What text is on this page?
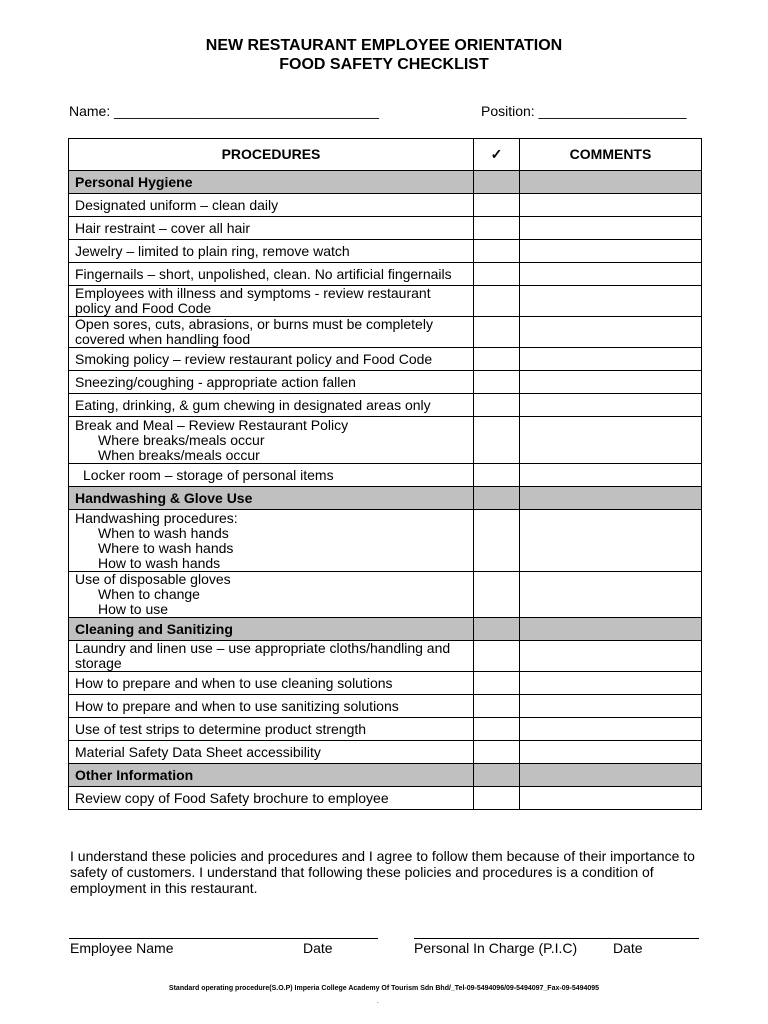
NEW RESTAURANT EMPLOYEE ORIENTATION
FOOD SAFETY CHECKLIST
Name: __________________________________	Position: ___________________
PROCEDURES	✓	COMMENTS
Personal Hygiene		

Designated uniform – clean daily		

Hair restraint – cover all hair		

Jewelry – limited to plain ring, remove watch		

Fingernails – short, unpolished, clean. No artificial fingernails		

Employees with illness and symptoms - review restaurant
policy and Food Code		

Open sores, cuts, abrasions, or burns must be completely
covered when handling food		

Smoking policy – review restaurant policy and Food Code		

Sneezing/coughing - appropriate action fallen		

Eating, drinking, & gum chewing in designated areas only		

Break and Meal – Review Restaurant Policy
Where breaks/meals occur
When breaks/meals occur		

Locker room – storage of personal items		

Handwashing & Glove Use		

Handwashing procedures:
When to wash hands
Where to wash hands
How to wash hands		

Use of disposable gloves
When to change
How to use		

Cleaning and Sanitizing		

Laundry and linen use – use appropriate cloths/handling and
storage		

How to prepare and when to use cleaning solutions		

How to prepare and when to use sanitizing solutions		

Use of test strips to determine product strength		

Material Safety Data Sheet accessibility		

Other Information		

Review copy of Food Safety brochure to employee		

I understand these policies and procedures and I agree to follow them because of their importance to safety of customers. I understand that following these policies and procedures is a condition of employment in this restaurant.
Employee Name	Date	Personal In Charge (P.I.C)	Date
Standard operating procedure(S.O.P) Imperia College Academy Of Tourism Sdn Bhd/_Tel-09-5494096/09-5494097_Fax-09-5494095
.
